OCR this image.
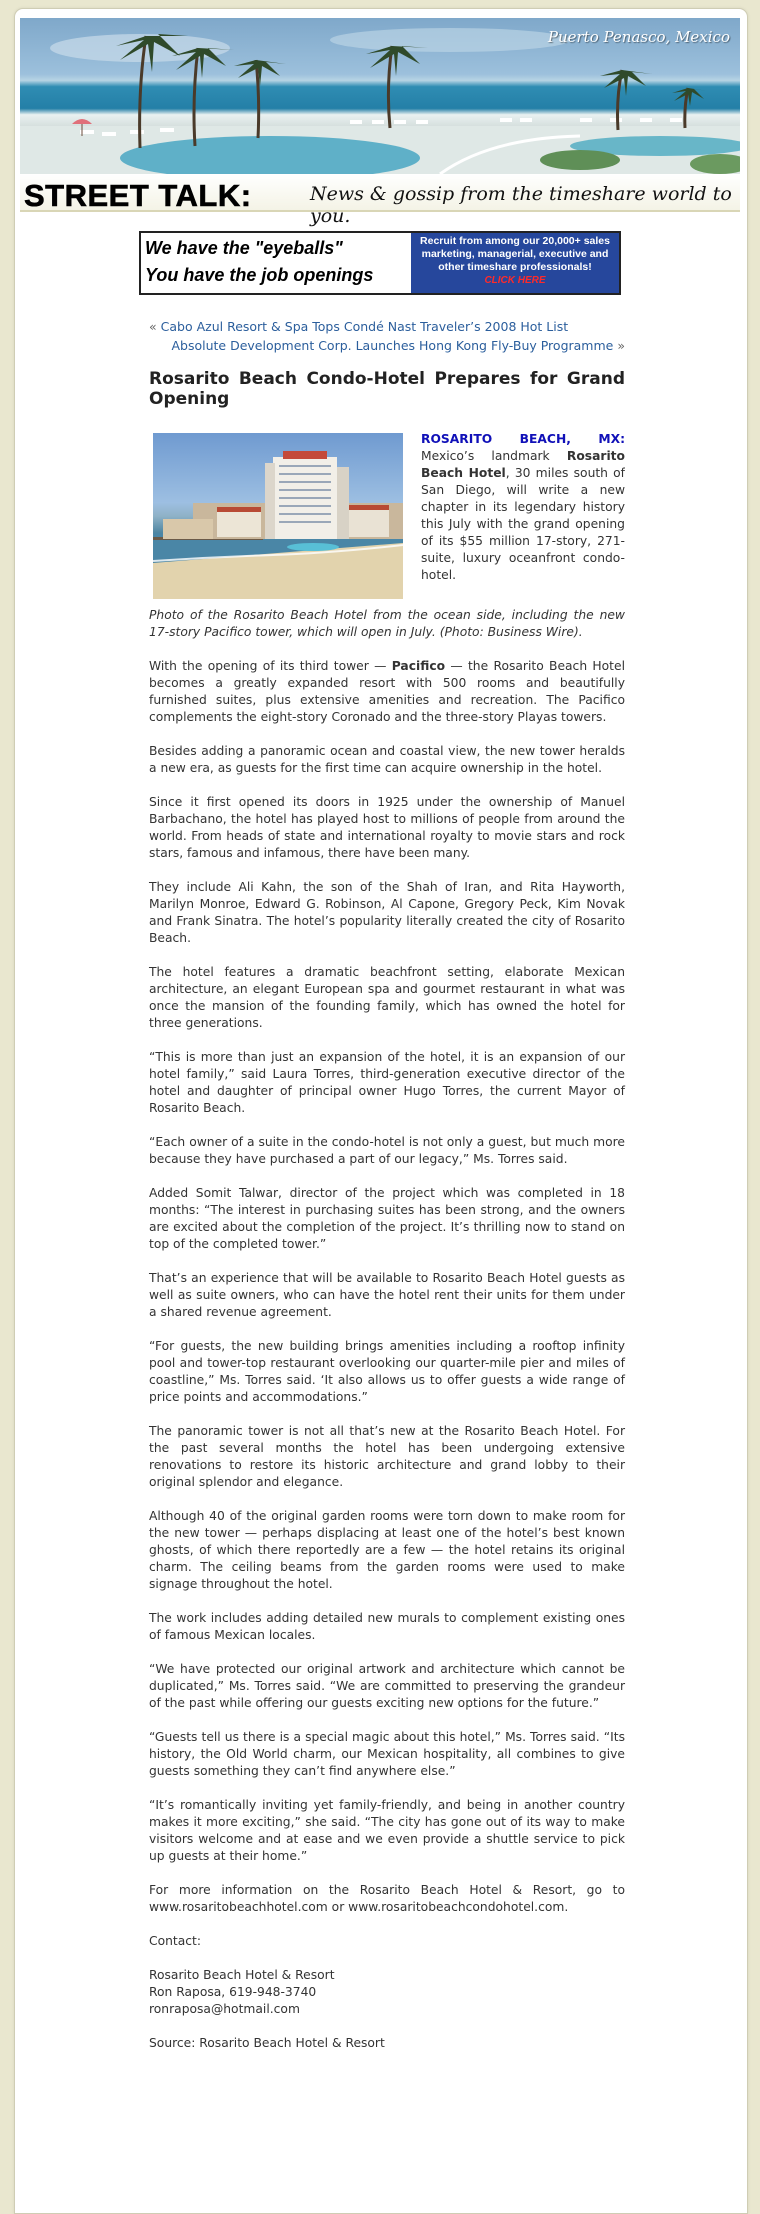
Puerto Penasco, Mexico
STREET TALK:	News & gossip from the timeshare world to you.
We have the "eyeballs"
You have the job openings
Recruit from among our 20,000+ sales marketing, managerial, executive and other timeshare professionals!
CLICK HERE
« Cabo Azul Resort & Spa Tops Condé Nast Traveler’s 2008 Hot List
Absolute Development Corp. Launches Hong Kong Fly-Buy Programme »
Rosarito Beach Condo-Hotel Prepares for Grand Opening

ROSARITO BEACH, MX: Mexico’s landmark Rosarito Beach Hotel, 30 miles south of San Diego, will write a new chapter in its legendary history this July with the grand opening of its $55 million 17-story, 271-suite, luxury oceanfront condo-hotel.

Photo of the Rosarito Beach Hotel from the ocean side, including the new 17-story Pacifico tower, which will open in July. (Photo: Business Wire).

With the opening of its third tower — Pacifico — the Rosarito Beach Hotel becomes a greatly expanded resort with 500 rooms and beautifully furnished suites, plus extensive amenities and recreation. The Pacifico complements the eight-story Coronado and the three-story Playas towers.

Besides adding a panoramic ocean and coastal view, the new tower heralds a new era, as guests for the first time can acquire ownership in the hotel.

Since it first opened its doors in 1925 under the ownership of Manuel Barbachano, the hotel has played host to millions of people from around the world. From heads of state and international royalty to movie stars and rock stars, famous and infamous, there have been many.

They include Ali Kahn, the son of the Shah of Iran, and Rita Hayworth, Marilyn Monroe, Edward G. Robinson, Al Capone, Gregory Peck, Kim Novak and Frank Sinatra. The hotel’s popularity literally created the city of Rosarito Beach.

The hotel features a dramatic beachfront setting, elaborate Mexican architecture, an elegant European spa and gourmet restaurant in what was once the mansion of the founding family, which has owned the hotel for three generations.

“This is more than just an expansion of the hotel, it is an expansion of our hotel family,” said Laura Torres, third-generation executive director of the hotel and daughter of principal owner Hugo Torres, the current Mayor of Rosarito Beach.

“Each owner of a suite in the condo-hotel is not only a guest, but much more because they have purchased a part of our legacy,” Ms. Torres said.

Added Somit Talwar, director of the project which was completed in 18 months: “The interest in purchasing suites has been strong, and the owners are excited about the completion of the project. It’s thrilling now to stand on top of the completed tower.”

That’s an experience that will be available to Rosarito Beach Hotel guests as well as suite owners, who can have the hotel rent their units for them under a shared revenue agreement.

“For guests, the new building brings amenities including a rooftop infinity pool and tower-top restaurant overlooking our quarter-mile pier and miles of coastline,” Ms. Torres said. ‘It also allows us to offer guests a wide range of price points and accommodations.”

The panoramic tower is not all that’s new at the Rosarito Beach Hotel. For the past several months the hotel has been undergoing extensive renovations to restore its historic architecture and grand lobby to their original splendor and elegance.

Although 40 of the original garden rooms were torn down to make room for the new tower — perhaps displacing at least one of the hotel’s best known ghosts, of which there reportedly are a few — the hotel retains its original charm. The ceiling beams from the garden rooms were used to make signage throughout the hotel.

The work includes adding detailed new murals to complement existing ones of famous Mexican locales.

“We have protected our original artwork and architecture which cannot be duplicated,” Ms. Torres said. “We are committed to preserving the grandeur of the past while offering our guests exciting new options for the future.”

“Guests tell us there is a special magic about this hotel,” Ms. Torres said. “Its history, the Old World charm, our Mexican hospitality, all combines to give guests something they can’t find anywhere else.”

“It’s romantically inviting yet family-friendly, and being in another country makes it more exciting,” she said. “The city has gone out of its way to make visitors welcome and at ease and we even provide a shuttle service to pick up guests at their home.”

For more information on the Rosarito Beach Hotel & Resort, go to www.rosaritobeachhotel.com or www.rosaritobeachcondohotel.com.

Contact:

Rosarito Beach Hotel & Resort
Ron Raposa, 619-948-3740
ronraposa@hotmail.com

Source: Rosarito Beach Hotel & Resort
